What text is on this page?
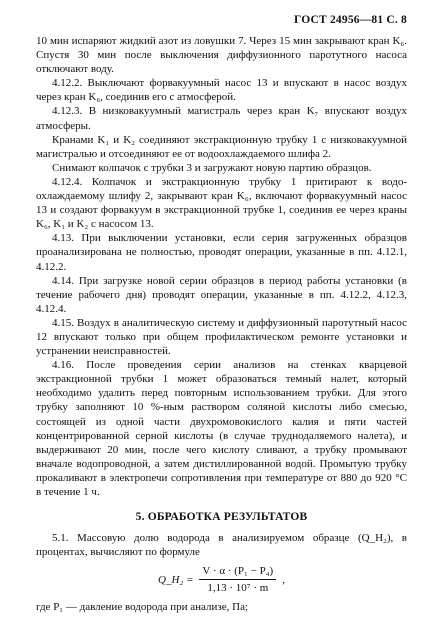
ГОСТ 24956—81 С. 8

10 мин испаряют жидкий азот из ловушки 7. Через 15 мин закрывают кран K₆. Спустя 30 мин после выключения диффузионного паротутного насоса отключают воду.

4.12.2. Выключают форвакуумный насос 13 и впускают в насос воздух через кран K₆, соединив его с атмосферой.

4.12.3. В низковакуумный магистраль через кран K₇ впускают воздух атмосферы.

Кранами K₁ и K₂ соединяют экстракционную трубку 1 с низковакуумной магистралью и отсоединяют ее от водоохлаждаемого шлифа 2.

Снимают колпачок с трубки 3 и загружают новую партию образцов.

4.12.4. Колпачок и экстракционную трубку 1 притирают к водоохлаждаемому шлифу 2, закрывают кран K₆, включают форвакуумный насос 13 и создают форвакуум в экстракционной трубке 1, соединив ее через краны K₆, K₁ и K₂ с насосом 13.

4.13. При выключении установки, если серия загруженных образцов проанализирована не полностью, проводят операции, указанные в пп. 4.12.1, 4.12.2.

4.14. При загрузке новой серии образцов в период работы установки (в течение рабочего дня) проводят операции, указанные в пп. 4.12.2, 4.12.3, 4.12.4.

4.15. Воздух в аналитическую систему и диффузионный паротутный насос 12 впускают только при общем профилактическом ремонте установки и устранении неисправностей.

4.16. После проведения серии анализов на стенках кварцевой экстракционной трубки 1 может образоваться темный налет, который необходимо удалить перед повторным использованием трубки. Для этого трубку заполняют 10 %-ным раствором соляной кислоты либо смесью, состоящей из одной части двухромовокислого калия и пяти частей концентрированной серной кислоты (в случае труднодаляемого налета), и выдерживают 20 мин, после чего кислоту сливают, а трубку промывают вначале водопроводной, а затем дистиллированной водой. Промытую трубку прокаливают в электропечи сопротивления при температуре от 880 до 920 °С в течение 1 ч.

5. ОБРАБОТКА РЕЗУЛЬТАТОВ

5.1. Массовую долю водорода в анализируемом образце (Q_H₂), в процентах, вычисляют по формуле

Q_H₂ = $\frac{\text{V · α · (P₁ − P₄)}}{\text{1,13 · 10⁷ · m}}$ ,

где P₁ — давление водорода при анализе, Па;
